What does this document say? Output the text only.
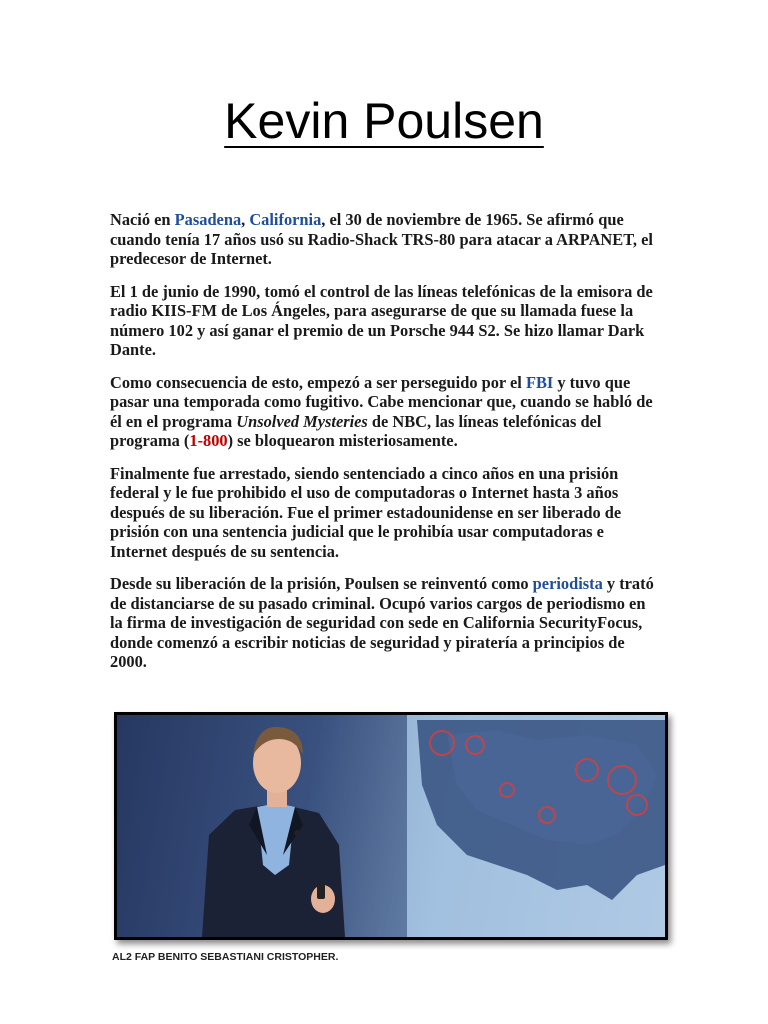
Kevin Poulsen

Nació en Pasadena, California, el 30 de noviembre de 1965. Se afirmó que cuando tenía 17 años usó su Radio-Shack TRS-80 para atacar a ARPANET, el predecesor de Internet.

El 1 de junio de 1990, tomó el control de las líneas telefónicas de la emisora de radio KIIS-FM de Los Ángeles, para asegurarse de que su llamada fuese la número 102 y así ganar el premio de un Porsche 944 S2. Se hizo llamar Dark Dante.

Como consecuencia de esto, empezó a ser perseguido por el FBI y tuvo que pasar una temporada como fugitivo. Cabe mencionar que, cuando se habló de él en el programa Unsolved Mysteries de NBC, las líneas telefónicas del programa (1-800) se bloquearon misteriosamente.

Finalmente fue arrestado, siendo sentenciado a cinco años en una prisión federal y le fue prohibido el uso de computadoras o Internet hasta 3 años después de su liberación. Fue el primer estadounidense en ser liberado de prisión con una sentencia judicial que le prohibía usar computadoras e Internet después de su sentencia.

Desde su liberación de la prisión, Poulsen se reinventó como periodista y trató de distanciarse de su pasado criminal. Ocupó varios cargos de periodismo en la firma de investigación de seguridad con sede en California SecurityFocus, donde comenzó a escribir noticias de seguridad y piratería a principios de 2000.

AL2 FAP BENITO SEBASTIANI CRISTOPHER.
